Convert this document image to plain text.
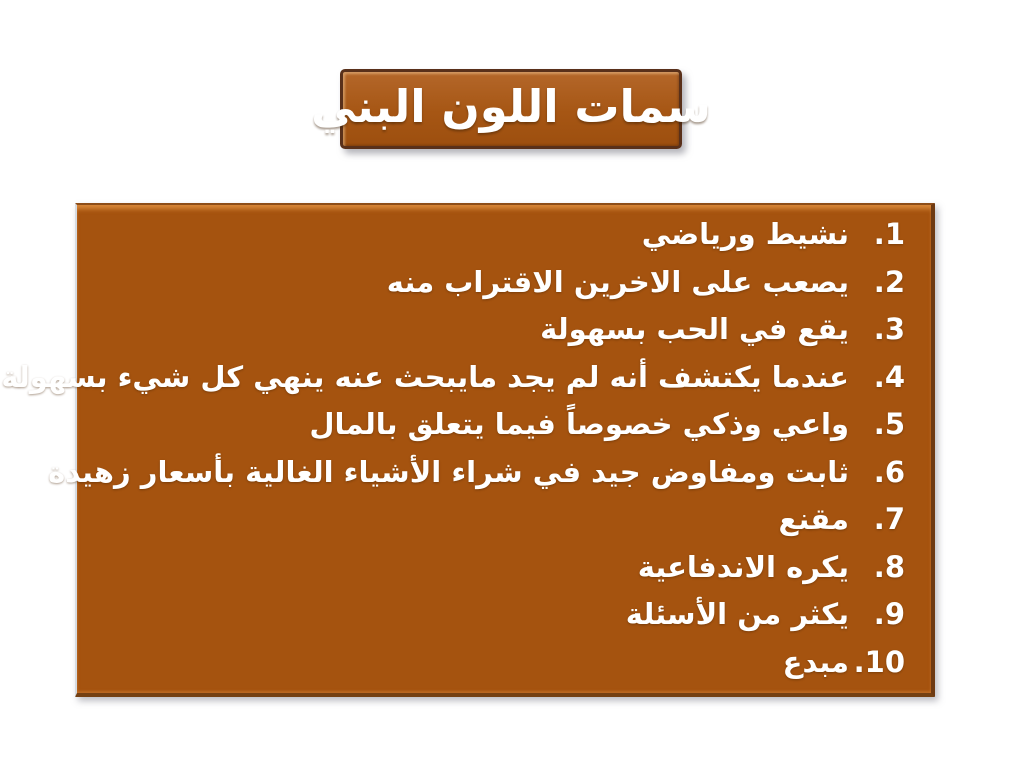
سمات اللون البني
1.
نشيط ورياضي
2.
يصعب على الاخرين الاقتراب منه
3.
يقع في الحب بسهولة
4.
عندما يكتشف أنه لم يجد مايبحث عنه ينهي كل شيء بسهولة
5.
واعي وذكي خصوصاً فيما يتعلق بالمال
6.
ثابت ومفاوض جيد في شراء الأشياء الغالية بأسعار زهيدة
7.
مقنع
8.
يكره الاندفاعية
9.
يكثر من الأسئلة
10.
مبدع
